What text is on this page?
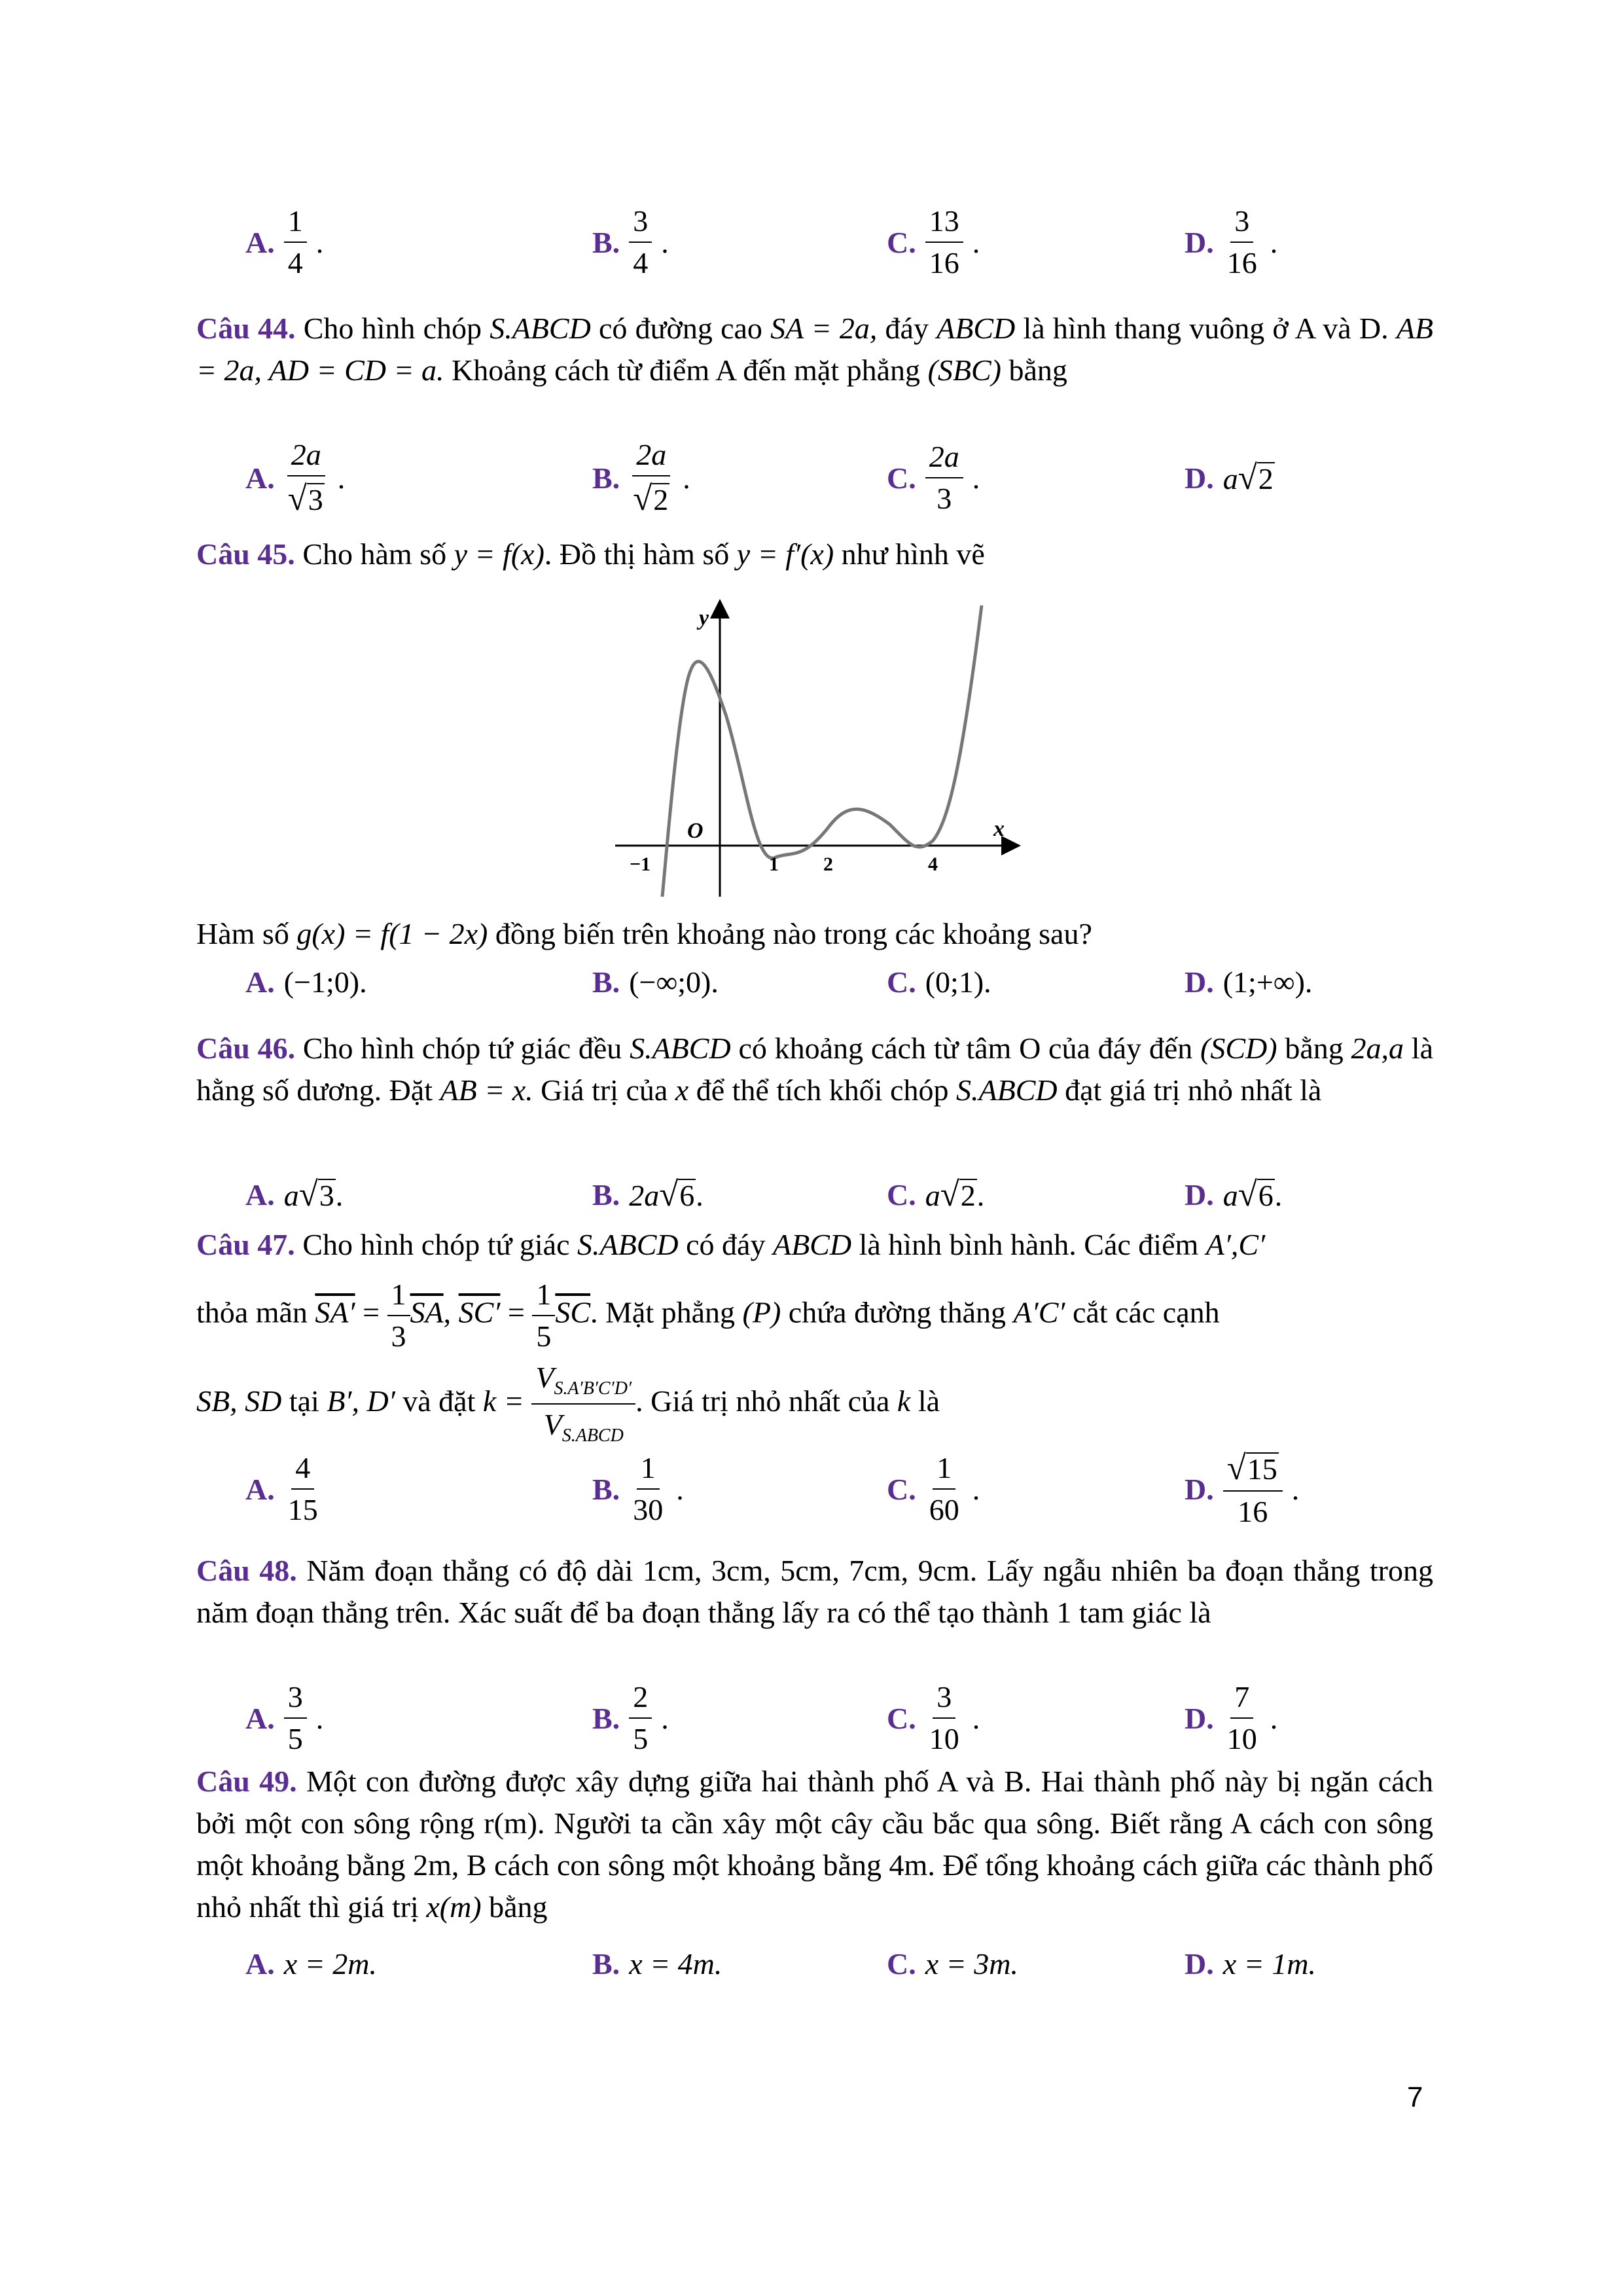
A. $\frac{1}{4}$ .	B. $\frac{3}{4}$ .	C. $\frac{13}{16}$ .	D. $\frac{3}{16}$ .
Câu 44. Cho hình chóp S.ABCD có đường cao SA = 2a, đáy ABCD là hình thang vuông ở A và D. AB = 2a, AD = CD = a. Khoảng cách từ điểm A đến mặt phẳng (SBC) bằng
A. $\frac{2a}{√3}$ .	B. $\frac{2a}{√2}$ .	C. $\frac{2a}{3}$ .	D. a√2
Câu 45. Cho hàm số y = f(x). Đồ thị hàm số y = f′(x) như hình vẽ
y
x
O
−1	1 2	4
Hàm số g(x) = f(1 − 2x) đồng biến trên khoảng nào trong các khoảng sau?
A. (−1;0).	B. (−∞;0).	C. (0;1).	D. (1;+∞).
Câu 46. Cho hình chóp tứ giác đều S.ABCD có khoảng cách từ tâm O của đáy đến (SCD) bằng 2a,a là hằng số dương. Đặt AB = x. Giá trị của x để thể tích khối chóp S.ABCD đạt giá trị nhỏ nhất là
A. a√3.	B. 2a√6.	C. a√2.	D. a√6.
Câu 47. Cho hình chóp tứ giác S.ABCD có đáy ABCD là hình bình hành. Các điểm A′,C′
thỏa mãn $SA' = \frac{1}{3} \overline{SA}$, $SC' = \frac{1}{5} \overline{SC}$. Mặt phẳng (P) chứa đường thăng A′C′ cắt các cạnh
SB, SD tại B′, D′ và đặt $k = \frac{V_{S.A'B'C'D'}}{V_{S.ABCD}}$ . Giá trị nhỏ nhất của k là
A. $\frac{4}{15}$	B. $\frac{1}{30}$ .	C. $\frac{1}{60}$ .	D. $\frac{√15}{16}$ .
Câu 48. Năm đoạn thẳng có độ dài 1cm, 3cm, 5cm, 7cm, 9cm. Lấy ngẫu nhiên ba đoạn thẳng trong năm đoạn thẳng trên. Xác suất để ba đoạn thẳng lấy ra có thể tạo thành 1 tam giác là
A. $\frac{3}{5}$ .	B. $\frac{2}{5}$ .	C. $\frac{3}{10}$ .	D. $\frac{7}{10}$ .
Câu 49. Một con đường được xây dựng giữa hai thành phố A và B. Hai thành phố này bị ngăn cách bởi một con sông rộng r(m). Người ta cần xây một cây cầu bắc qua sông. Biết rằng A cách con sông một khoảng bằng 2m, B cách con sông một khoảng bằng 4m. Để tổng khoảng cách giữa các thành phố nhỏ nhất thì giá trị x(m) bằng
A. x = 2m.	B. x = 4m.	C. x = 3m.	D. x = 1m.
7
